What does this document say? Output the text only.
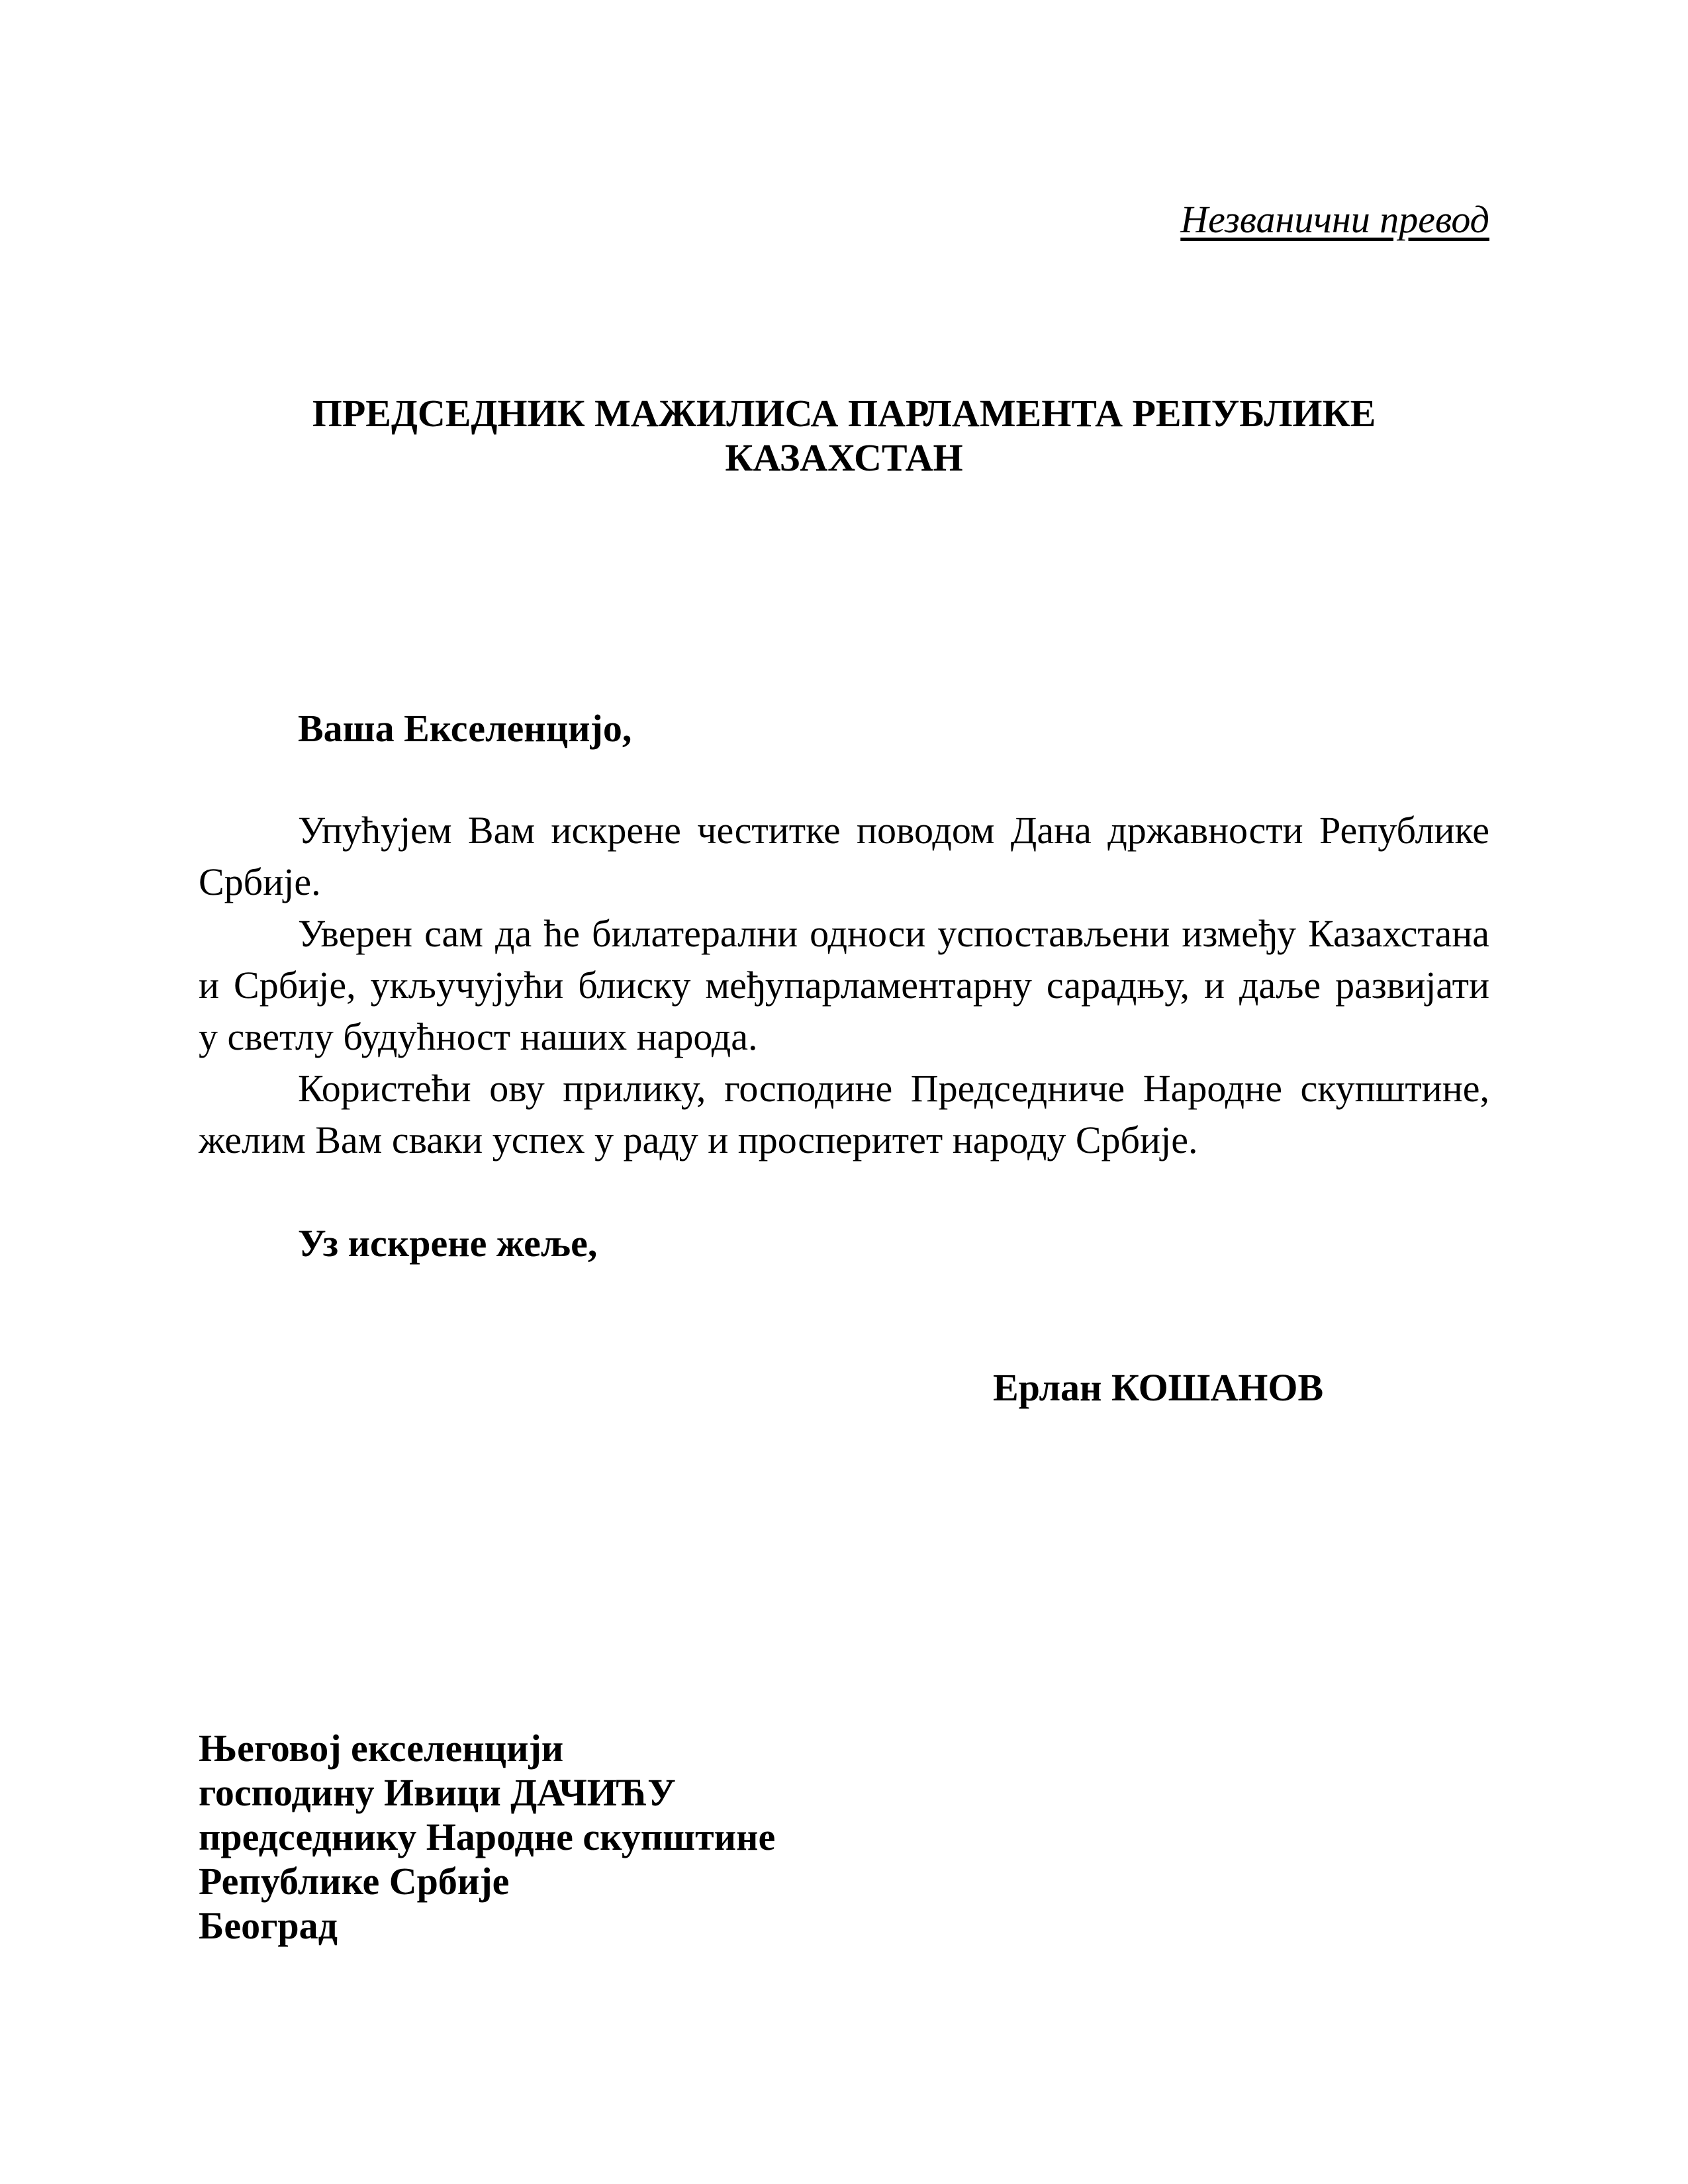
Незванични превод
ПРЕДСЕДНИК МАЖИЛИСА ПАРЛАМЕНТА РЕПУБЛИКЕ
КАЗАХСТАН
Ваша Екселенцијо,
Упућујем Вам искрене честитке поводом Дана државности Републике
Србије.
Уверен сам да ће билатерални односи успостављени између Казахстана
и Србије, укључујући блиску међупарламентарну сарадњу, и даље развијати
у светлу будућност наших народа.
Користећи ову прилику, господине Председниче Народне скупштине,
желим Вам сваки успех у раду и просперитет народу Србије.
Уз искрене жеље,
Ерлан КОШАНОВ
Његовој екселенцији
господину Ивици ДАЧИЋУ
председнику Народне скупштине
Републике Србије
Београд
